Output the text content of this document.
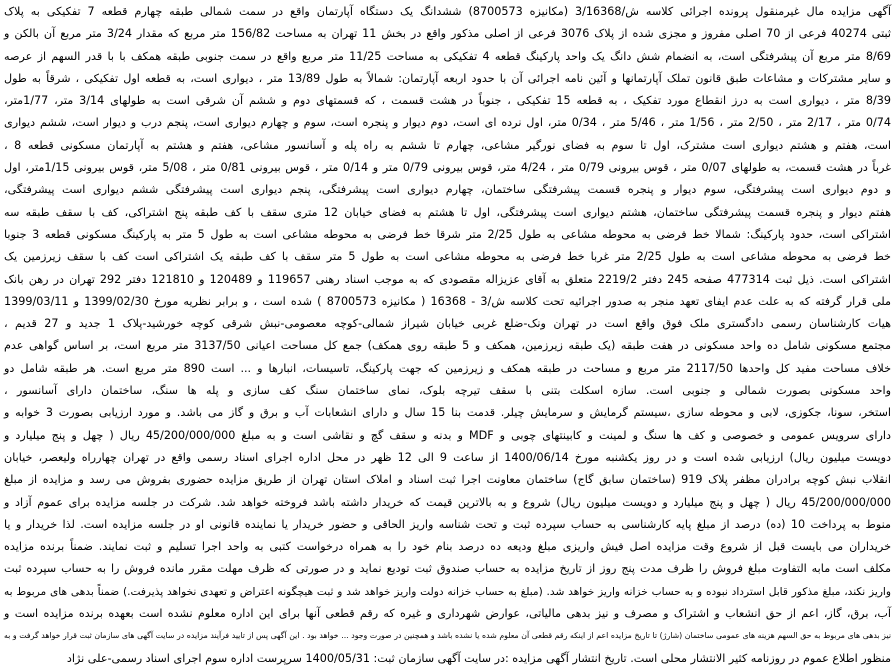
آگهی مزایده مال غیرمنقول پرونده اجرائی کلاسه ش/3/16368 (مکانیزه 8700573) ششدانگ یک دستگاه آپارتمان واقع در سمت شمالی طبقه چهارم قطعه 7 تفکیکی به پلاک
ثبتی 40274 فرعی از 70 اصلی مفروز و مجزی شده از پلاک 3076 فرعی از اصلی مذکور واقع در بخش 11 تهران به مساحت 156/82 متر مربع که مقدار 3/24 متر مربع آن بالکن و
8/69 متر مربع آن پیشرفتگی است، به انضمام شش دانگ یک واحد پارکینگ قطعه 4 تفکیکی به مساحت 11/25 متر مربع واقع در سمت جنوبی طبقه همکف با با قدر السهم از عرصه
و سایر مشترکات و مشاعات طبق قانون تملک آپارتمانها و آئین نامه اجرائی آن با حدود اربعه آپارتمان: شمالاً به طول 13/89 متر ، دیواری است، به قطعه اول تفکیکی ، شرقاً به طول
8/39 متر ، دیواری است به درز انقطاع مورد تفکیک ، به قطعه 15 تفکیکی ، جنوباً در هشت قسمت ، که قسمتهای دوم و ششم آن شرقی است به طولهای 3/14 متر، 1/77متر،
0/74 متر ، 2/17 متر ، 2/50 متر ، 1/56 متر ، 5/46 متر ، 0/34 متر، اول نرده ای است، دوم دیوار و پنجره است، سوم و چهارم دیواری است، پنجم درب و دیوار است، ششم دیواری
است، هفتم و هشتم دیواری است مشترک، اول تا سوم به فضای نورگیر مشاعی، چهارم تا ششم به راه پله و آسانسور مشاعی، هفتم و هشتم به آپارتمان مسکونی قطعه 8 ،
غرباً در هشت قسمت، به طولهای 0/07 متر ، قوس بیرونی 0/79 متر ، 4/24 متر، قوس بیرونی 0/79 متر و 0/14 متر ، قوس بیرونی 0/81 متر ، 5/08 متر، قوس بیرونی 1/15متر، اول
و دوم دیواری است پیشرفتگی، سوم دیوار و پنجره قسمت پیشرفتگی ساختمان، چهارم دیواری است پیشرفتگی، پنجم دیواری است پیشرفتگی ششم دیواری است پیشرفتگی،
هفتم دیوار و پنجره قسمت پیشرفتگی ساختمان، هشتم دیواری است پیشرفتگی، اول تا هشتم به فضای خیابان 12 متری سقف با کف طبقه پنج اشتراکی، کف با سقف طبقه سه
اشتراکی است، حدود پارکینگ: شمالا خط فرضی به محوطه مشاعی به طول 2/25 متر شرقا خط فرضی به محوطه مشاعی است به طول 5 متر به پارکینگ مسکونی قطعه 3 جنوبا
خط فرضی به محوطه مشاعی است به طول 2/25 متر غربا خط فرضی به محوطه مشاعی است به طول 5 متر سقف با کف طبقه یک اشتراکی است کف با سقف زیرزمین یک
اشتراکی است. ذیل ثبت 477314 صفحه 245 دفتر 2219/2 متعلق به آقای عزیزاله مقصودی که به موجب اسناد رهنی 119657 و 120489 و 121810 دفتر 292 تهران در رهن بانک
ملی قرار گرفته که به علت عدم ایفای تعهد منجر به صدور اجرائیه تحت کلاسه ش/3 - 16368 ( مکانیزه 8700573 ) شده است ، و برابر نظریه مورخ 1399/02/30 و 1399/03/11
هیات کارشناسان رسمی دادگستری ملک فوق واقع است در تهران ونک-ضلع غربی خیابان شیراز شمالی-کوچه معصومی-نبش شرقی کوچه خورشید-پلاک 1 جدید و 27 قدیم ،
مجتمع مسکونی شامل ده واحد مسکونی در هفت طبقه (یک طبقه زیرزمین، همکف و 5 طبقه روی همکف) جمع کل مساحت اعیانی 3137/50 متر مربع است، بر اساس گواهی عدم
خلاف مساحت مفید کل واحدها 2117/50 متر مربع و مساحت در طبقه همکف و زیرزمین که جهت پارکینگ، تاسیسات، انبارها و ... است 890 متر مربع است. هر طبقه شامل دو
واحد مسکونی بصورت شمالی و جنوبی است. سازه اسکلت بتنی با سقف تیرچه بلوک، نمای ساختمان سنگ کف سازی و پله ها سنگ، ساختمان دارای آسانسور ،
استخر، سونا، جکوزی، لابی و محوطه سازی ،سیستم گرمایش و سرمایش چیلر. قدمت بنا 15 سال و دارای انشعابات آب و برق و گاز می باشد. و مورد ارزیابی بصورت 3 خوابه و
دارای سرویس عمومی و خصوصی و کف ها سنگ و لمینت و کابینتهای چوبی و MDF و بدنه و سقف گچ و نقاشی است و به مبلغ 45/200/000/000 ریال ( چهل و پنج میلیارد و
دویست میلیون ریال) ارزیابی شده است و در روز یکشنبه مورخ 1400/06/14 از ساعت 9 الی 12 ظهر در محل اداره اجرای اسناد رسمی واقع در تهران چهارراه ولیعصر، خیابان
انقلاب نبش کوچه برادران مظفر پلاک 919 (ساختمان سابق گاج) ساختمان معاونت اجرا ثبت اسناد و املاک استان تهران از طریق مزایده حضوری بفروش می رسد و مزایده از مبلغ
45/200/000/000 ریال ( چهل و پنج میلیارد و دویست میلیون ریال) شروع و به بالاترین قیمت که خریدار داشته باشد فروخته خواهد شد. شرکت در جلسه مزایده برای عموم آزاد و
منوط به پرداخت 10 (ده) درصد از مبلغ پایه کارشناسی به حساب سپرده ثبت و تحت شناسه واریز الحاقی و حضور خریدار یا نماینده قانونی او در جلسه مزایده است. لذا خریدار و یا
خریداران می بایست قبل از شروع وقت مزایده اصل فیش واریزی مبلغ ودیعه ده درصد بنام خود را به همراه درخواست کتبی به واحد اجرا تسلیم و ثبت نمایند. ضمناً برنده مزایده
مکلف است مابه التفاوت مبلغ فروش را ظرف مدت پنج روز از تاریخ مزایده به حساب صندوق ثبت تودیع نماید و در صورتی که ظرف مهلت مقرر مانده فروش را به حساب سپرده ثبت
واریز نکند، مبلغ مذکور قابل استرداد نبوده و به حساب خزانه واریز خواهد شد. (مبلغ به حساب خزانه دولت واریز خواهد شد و ثبت هیچگونه اعتراض و تعهدی نخواهد پذیرفت.) ضمناً بدهی های مربوط به
آب، برق، گاز، اعم از حق انشعاب و اشتراک و مصرف و نیز بدهی مالیاتی، عوارض شهرداری و غیره که رقم قطعی آنها برای این اداره معلوم نشده است بعهده برنده مزایده است و
نیز بدهی های مربوط به حق السهم هزینه های عمومی ساختمان (شارژ) تا تاریخ مزایده اعم از اینکه رقم قطعی آن معلوم شده یا نشده باشد و همچنین در صورت وجود ... خواهد بود . این آگهی پس از تایید فرآیند مزایده در سایت آگهی های سازمان ثبت قرار خواهد گرفت و به
منظور اطلاع عموم در روزنامه کثیر الانتشار محلی است. تاریخ انتشار آگهی مزایده :در سایت آگهی سازمان ثبت: 1400/05/31 سرپرست اداره سوم اجرای اسناد رسمی-علی نژاد
